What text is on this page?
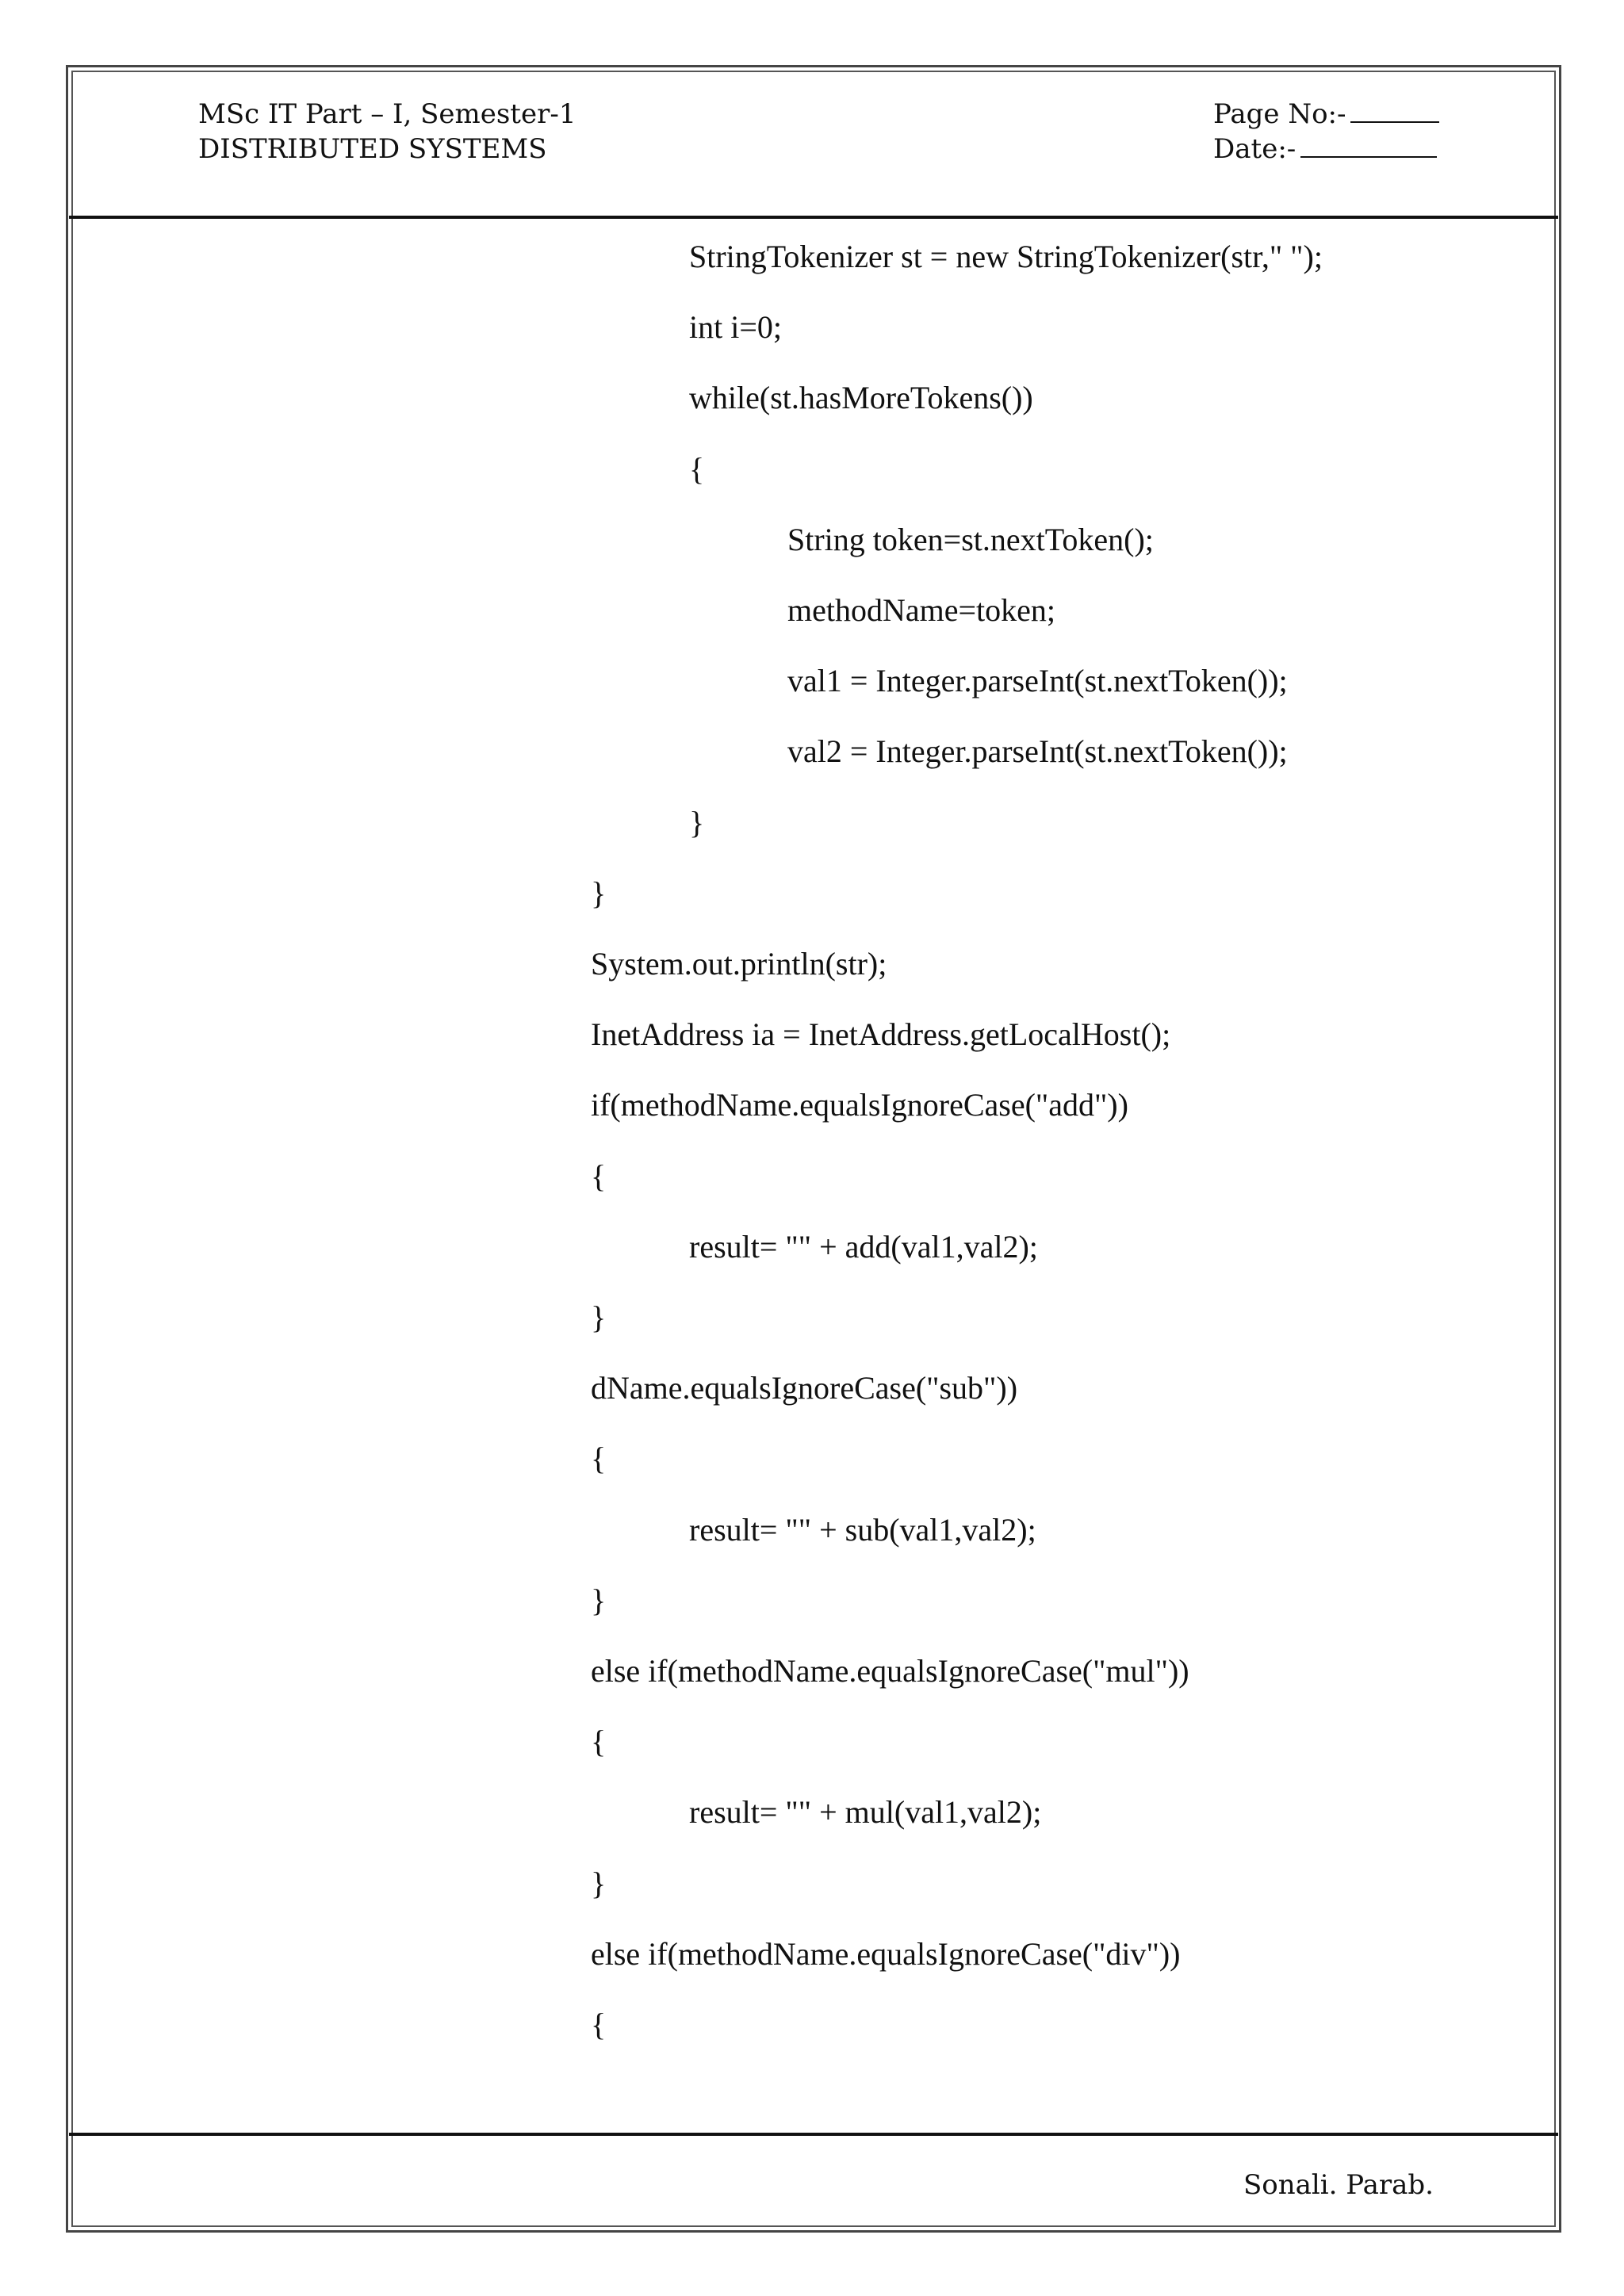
MSc IT Part – I, Semester-1
DISTRIBUTED SYSTEMS
Page No:-
Date:-
StringTokenizer st = new StringTokenizer(str," ");
int i=0;
while(st.hasMoreTokens())
{
String token=st.nextToken();
methodName=token;
val1 = Integer.parseInt(st.nextToken());
val2 = Integer.parseInt(st.nextToken());
}
}
System.out.println(str);
InetAddress ia = InetAddress.getLocalHost();
if(methodName.equalsIgnoreCase("add"))
{
result= "" + add(val1,val2);
}
dName.equalsIgnoreCase("sub"))
{
result= "" + sub(val1,val2);
}
else if(methodName.equalsIgnoreCase("mul"))
{
result= "" + mul(val1,val2);
}
else if(methodName.equalsIgnoreCase("div"))
{
Sonali. Parab.
